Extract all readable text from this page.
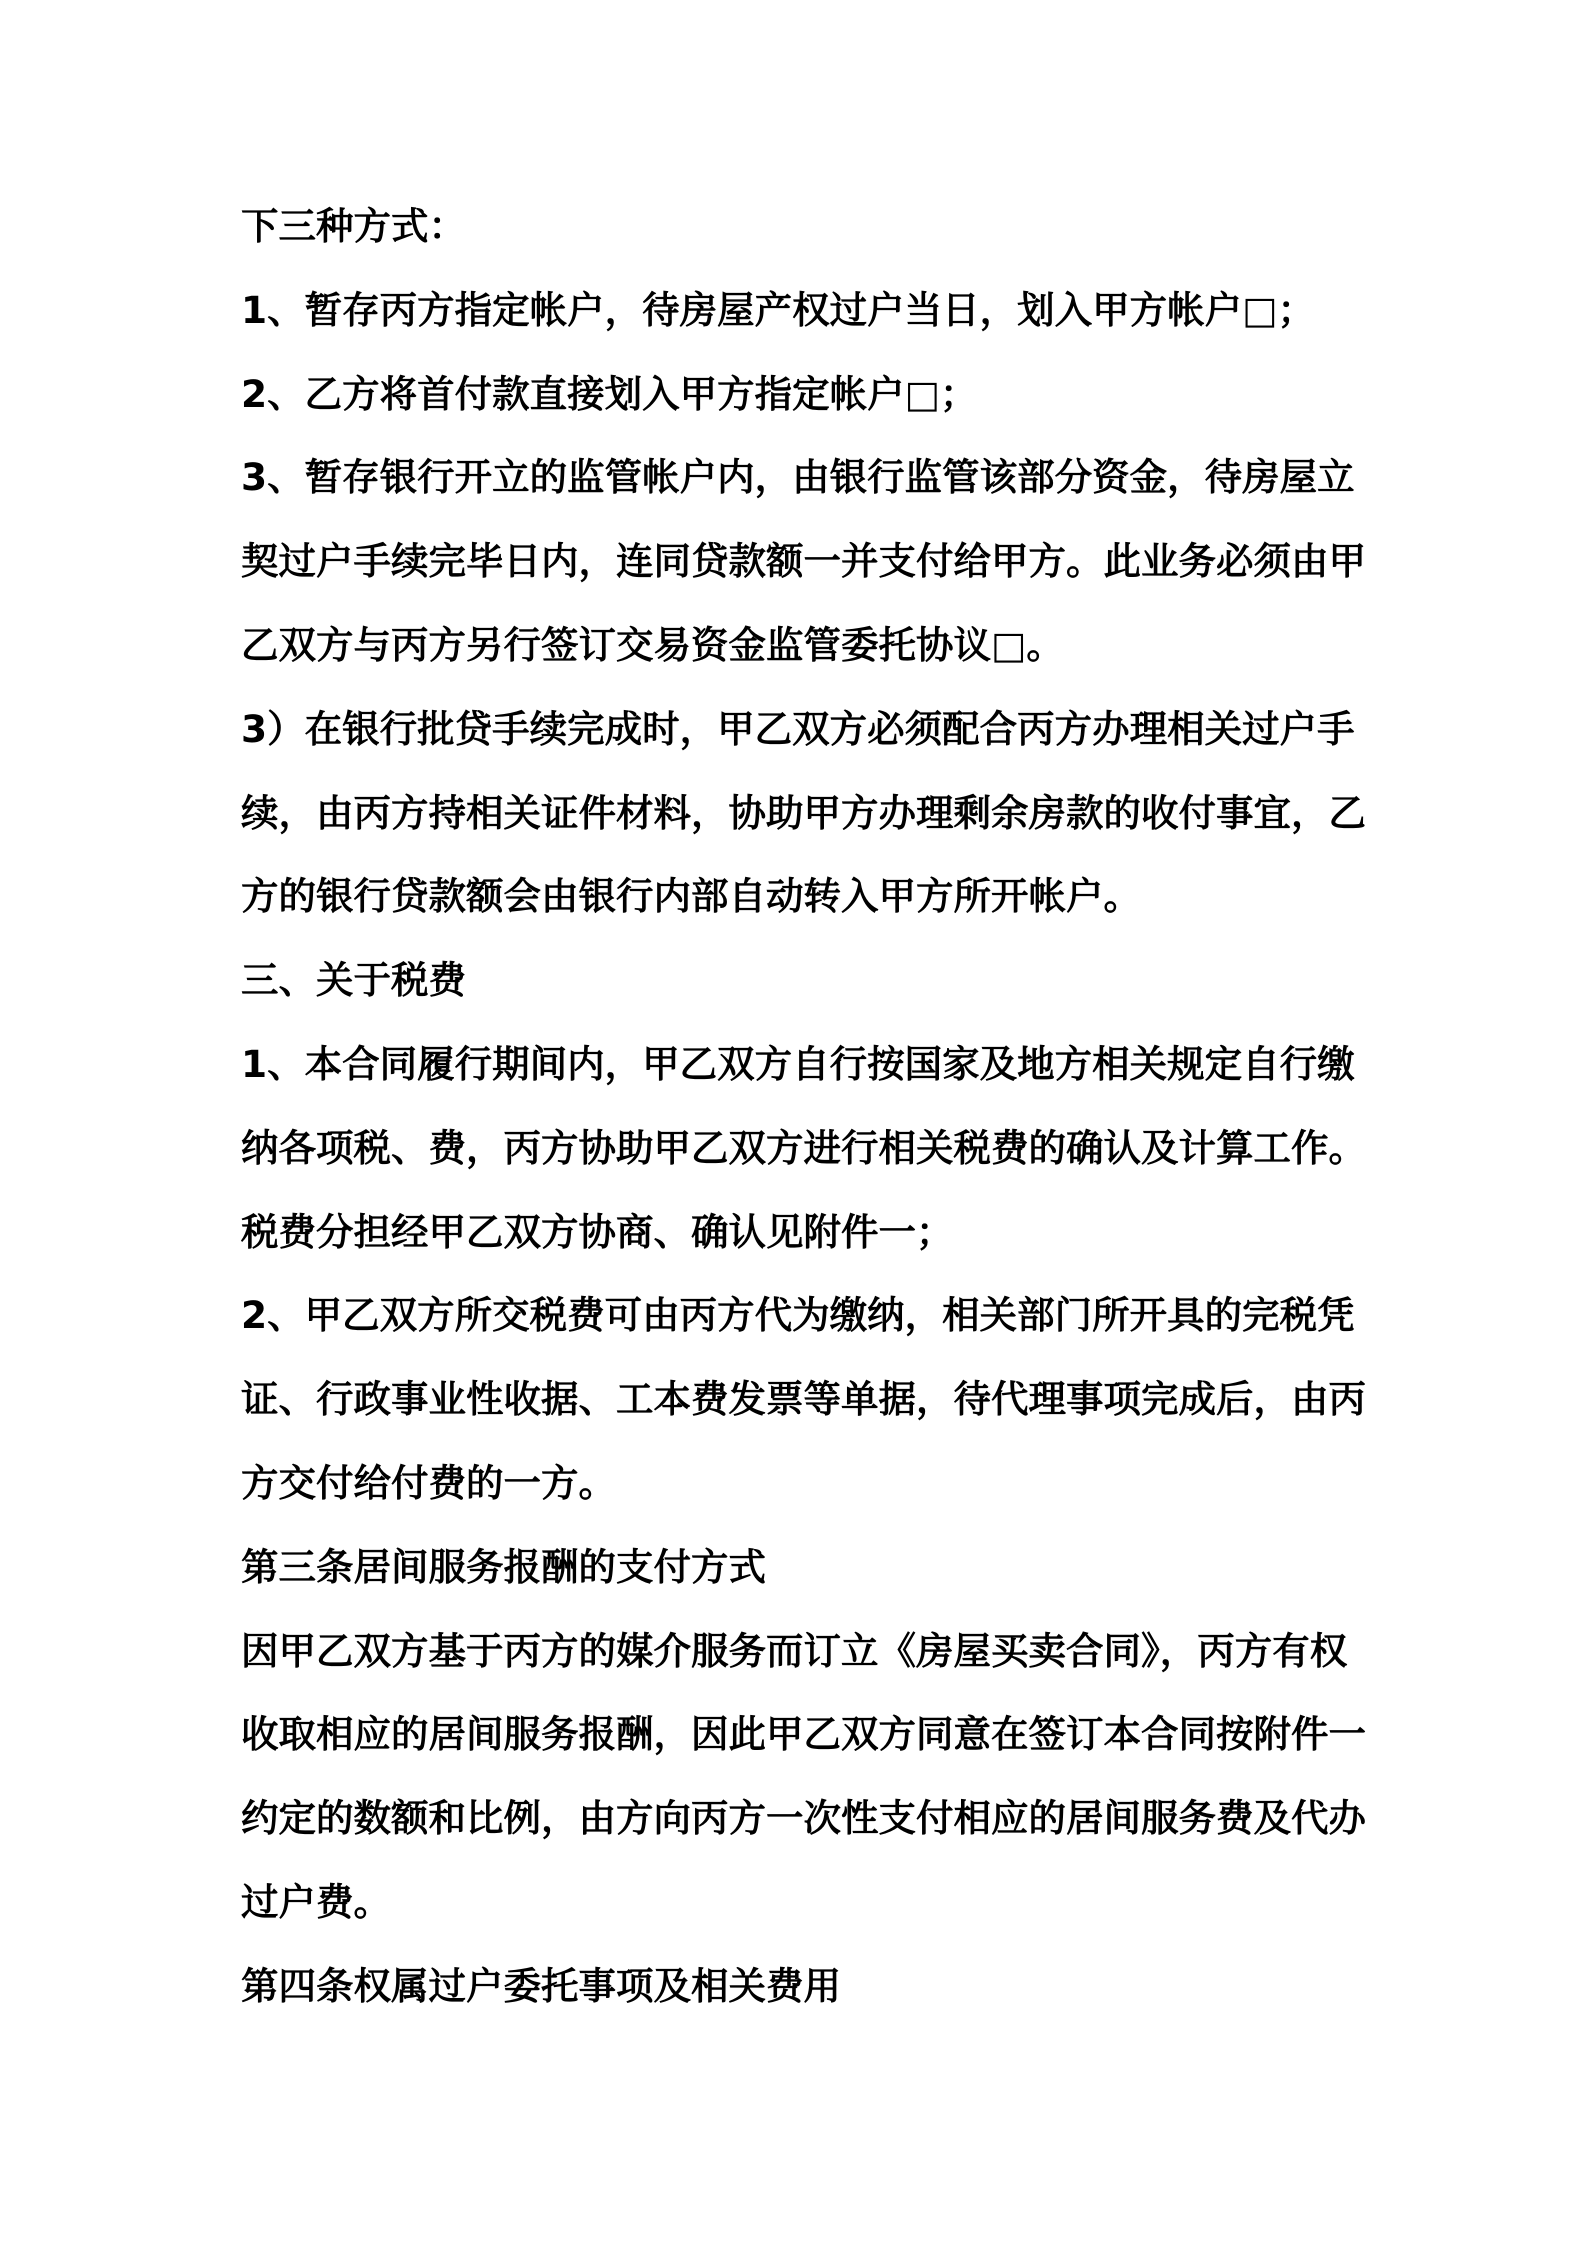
下三种方式：
1、暂存丙方指定帐户，待房屋产权过户当日，划入甲方帐户□；
2、乙方将首付款直接划入甲方指定帐户□；
3、暂存银行开立的监管帐户内，由银行监管该部分资金，待房屋立
契过户手续完毕日内，连同贷款额一并支付给甲方。此业务必须由甲
乙双方与丙方另行签订交易资金监管委托协议□。
3）在银行批贷手续完成时，甲乙双方必须配合丙方办理相关过户手
续，由丙方持相关证件材料，协助甲方办理剩余房款的收付事宜，乙
方的银行贷款额会由银行内部自动转入甲方所开帐户。
三、关于税费
1、本合同履行期间内，甲乙双方自行按国家及地方相关规定自行缴
纳各项税、费，丙方协助甲乙双方进行相关税费的确认及计算工作。
税费分担经甲乙双方协商、确认见附件一；
2、甲乙双方所交税费可由丙方代为缴纳，相关部门所开具的完税凭
证、行政事业性收据、工本费发票等单据，待代理事项完成后，由丙
方交付给付费的一方。
第三条居间服务报酬的支付方式
因甲乙双方基于丙方的媒介服务而订立《房屋买卖合同》，丙方有权
收取相应的居间服务报酬，因此甲乙双方同意在签订本合同按附件一
约定的数额和比例，由方向丙方一次性支付相应的居间服务费及代办
过户费。
第四条权属过户委托事项及相关费用
